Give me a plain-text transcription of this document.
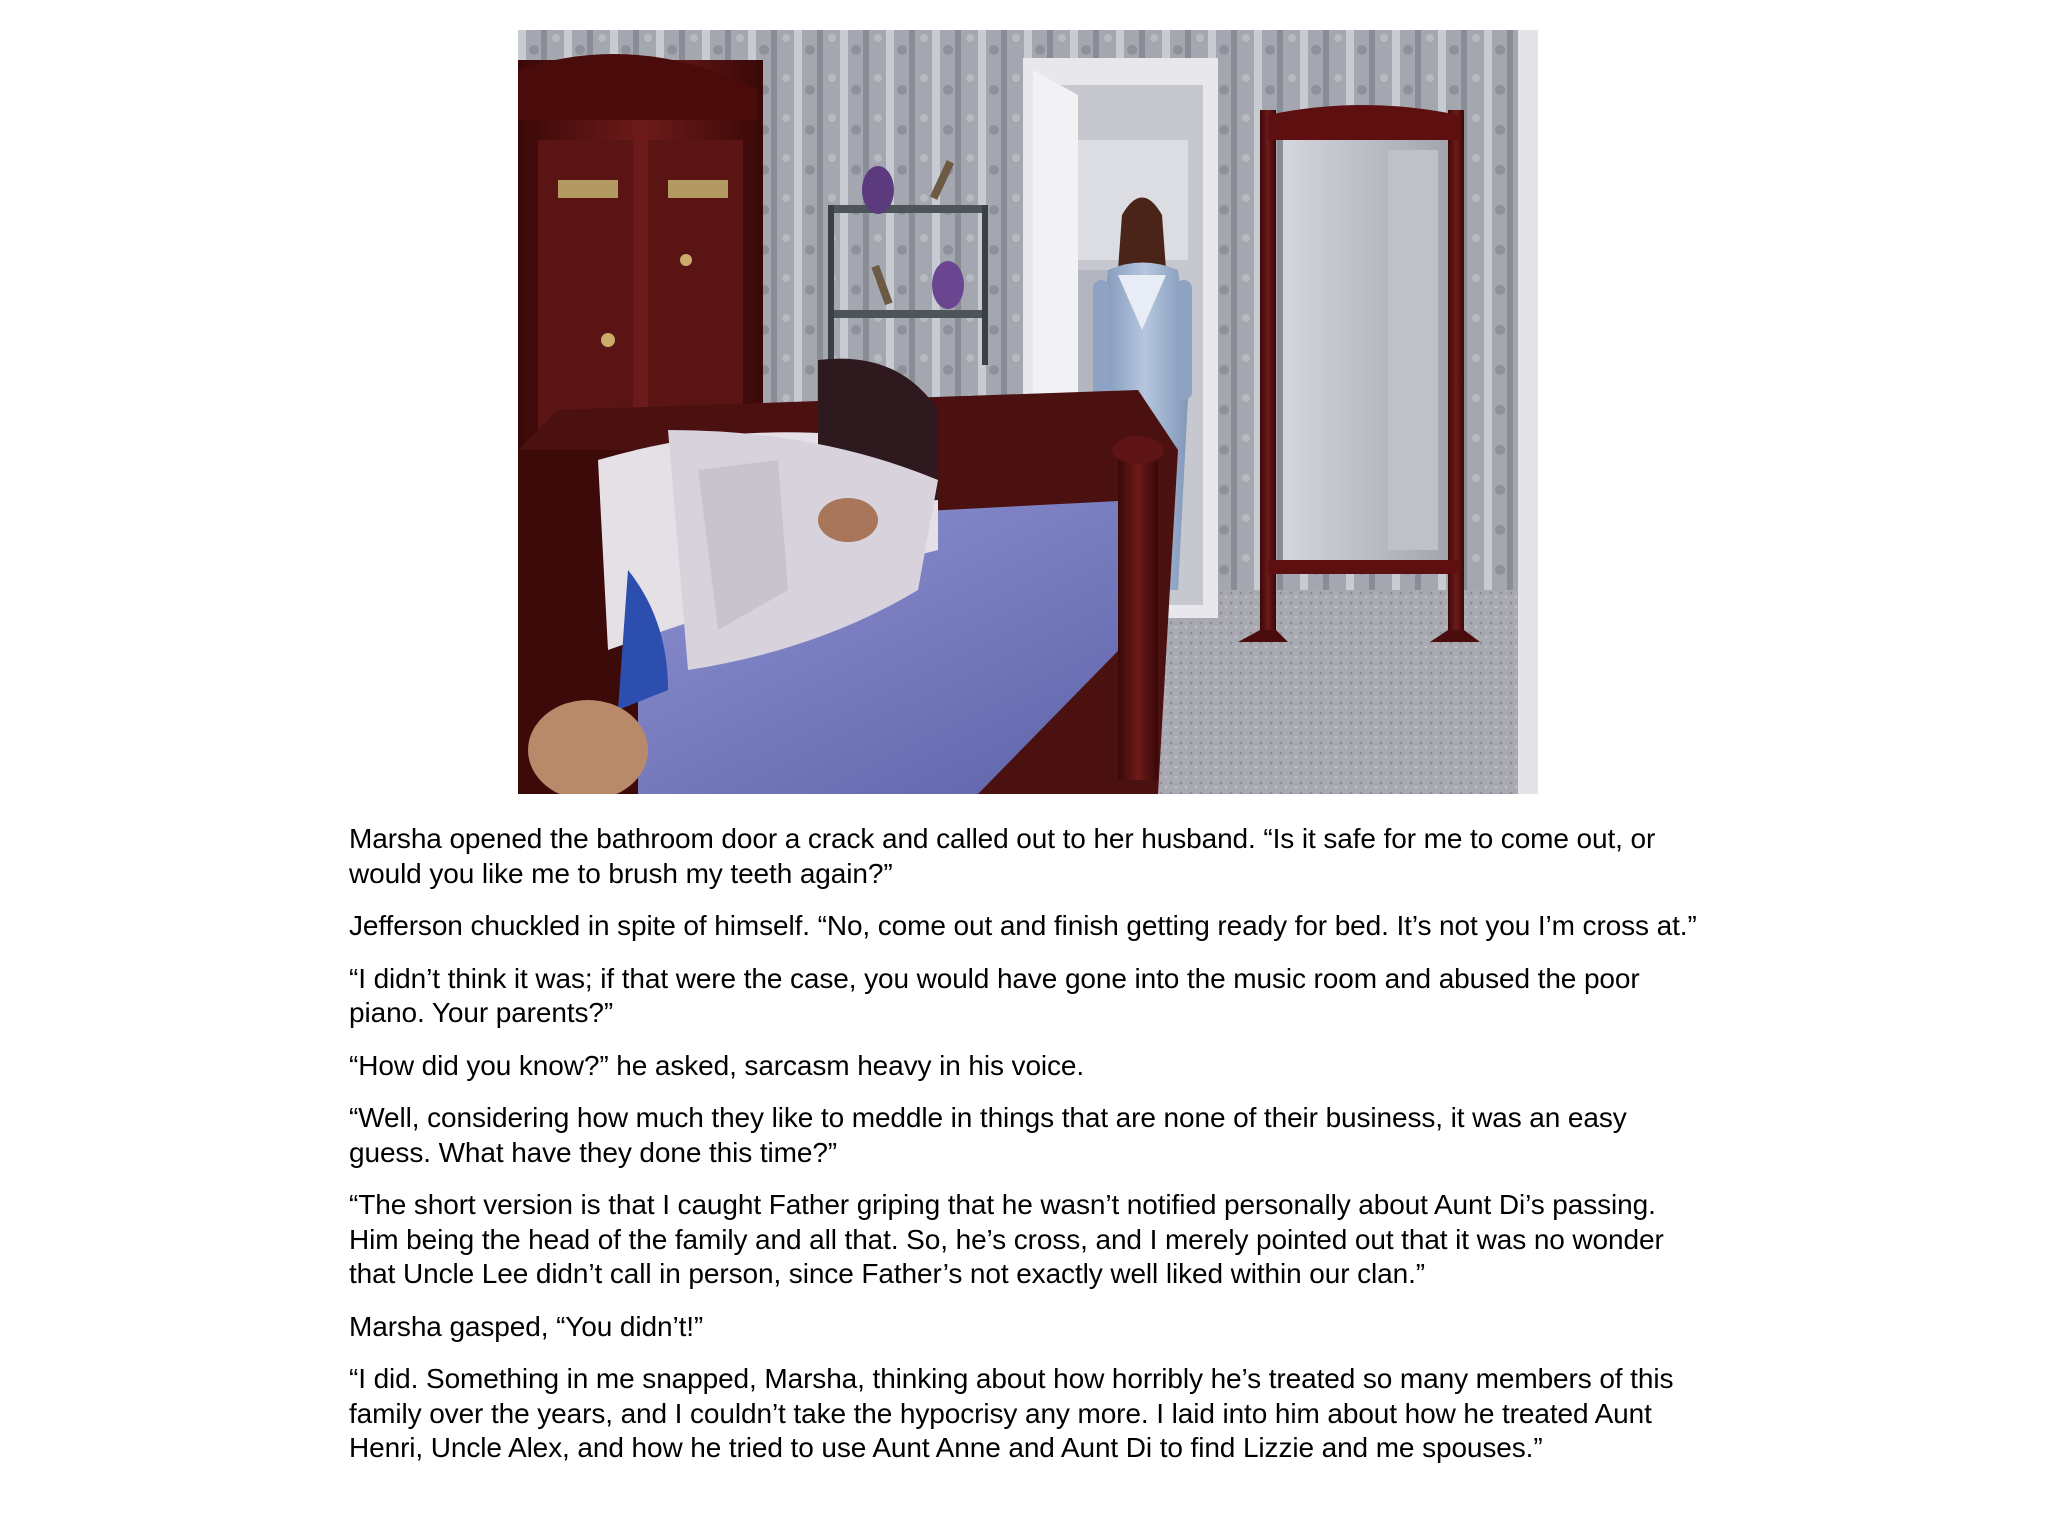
Marsha opened the bathroom door a crack and called out to her husband. “Is it safe for me to come out, or would you like me to brush my teeth again?”

Jefferson chuckled in spite of himself. “No, come out and finish getting ready for bed. It’s not you I’m cross at.”

“I didn’t think it was; if that were the case, you would have gone into the music room and abused the poor piano. Your parents?”

“How did you know?” he asked, sarcasm heavy in his voice.

“Well, considering how much they like to meddle in things that are none of their business, it was an easy guess. What have they done this time?”

“The short version is that I caught Father griping that he wasn’t notified personally about Aunt Di’s passing. Him being the head of the family and all that. So, he’s cross, and I merely pointed out that it was no wonder that Uncle Lee didn’t call in person, since Father’s not exactly well liked within our clan.”

Marsha gasped, “You didn’t!”

“I did. Something in me snapped, Marsha, thinking about how horribly he’s treated so many members of this family over the years, and I couldn’t take the hypocrisy any more. I laid into him about how he treated Aunt Henri, Uncle Alex, and how he tried to use Aunt Anne and Aunt Di to find Lizzie and me spouses.”
